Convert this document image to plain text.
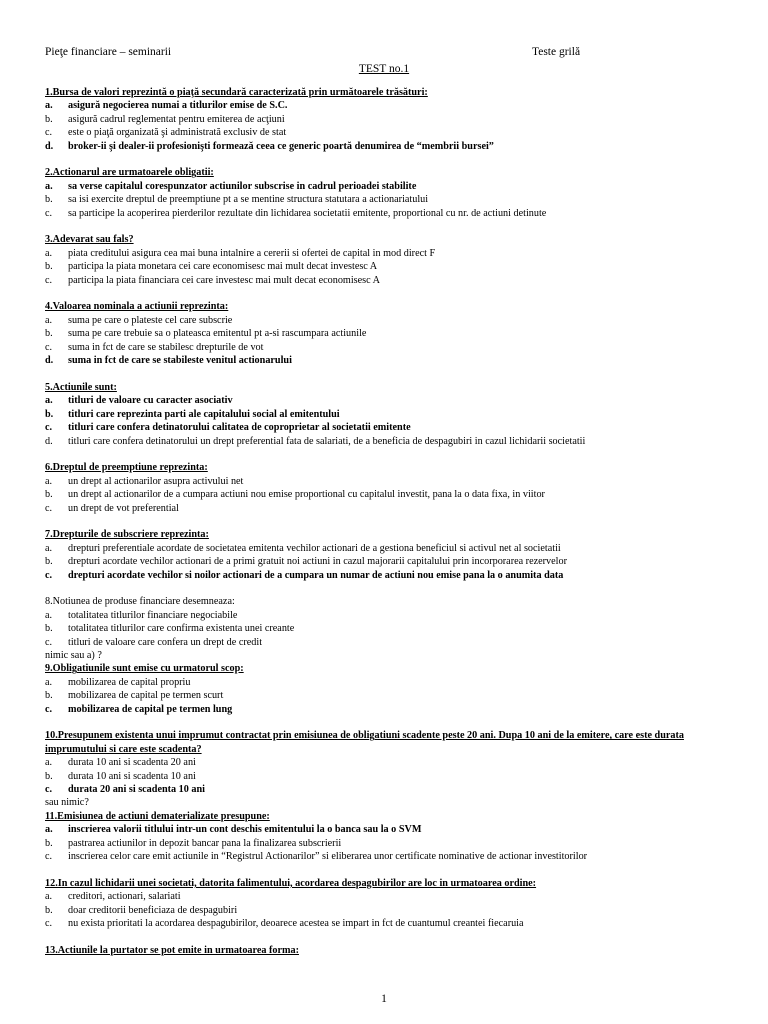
Pieţe financiare – seminarii	Teste grilă
TEST no.1
1.Bursa de valori reprezintă o piaţă secundară caracterizată prin următoarele trăsături:
a.	asigură negocierea numai a titlurilor emise de S.C.
b.	asigură cadrul reglementat pentru emiterea de acţiuni
c.	este o piaţă organizată şi administrată exclusiv de stat
d.	broker-ii şi dealer-ii profesionişti formează ceea ce generic poartă denumirea de “membrii bursei”
2.Actionarul are urmatoarele obligatii:
a.	sa verse capitalul corespunzator actiunilor subscrise in cadrul perioadei stabilite
b.	sa isi exercite dreptul de preemptiune pt a se mentine structura statutara a actionariatului
c.	sa participe la acoperirea pierderilor rezultate din lichidarea societatii emitente, proportional cu nr. de actiuni detinute
3.Adevarat sau fals?
a.	piata creditului asigura cea mai buna intalnire a cererii si ofertei de capital in mod direct F
b.	participa la piata monetara cei care economisesc mai mult decat investesc A
c.	participa la piata financiara cei care investesc mai mult decat economisesc A
4.Valoarea nominala a actiunii reprezinta:
a.	suma pe care o plateste cel care subscrie
b.	suma pe care trebuie sa o plateasca emitentul pt a-si rascumpara actiunile
c.	suma in fct de care se stabilesc drepturile de vot
d.	suma in fct de care se stabileste venitul actionarului
5.Actiunile sunt:
a.	titluri de valoare cu caracter asociativ
b.	titluri care reprezinta parti ale capitalului social al emitentului
c.	titluri care confera detinatorului calitatea de coproprietar al societatii emitente
d.	titluri care confera detinatorului un drept preferential fata de salariati, de a beneficia de despagubiri in cazul lichidarii societatii
6.Dreptul de preemptiune reprezinta:
a.	un drept al actionarilor asupra activului net
b.	un drept al actionarilor de a cumpara actiuni nou emise proportional cu capitalul investit, pana la o data fixa, in viitor
c.	un drept de vot preferential
7.Drepturile de subscriere reprezinta:
a.	drepturi preferentiale acordate de societatea emitenta vechilor actionari de a gestiona beneficiul si activul net al societatii
b.	drepturi acordate vechilor actionari de a primi gratuit noi actiuni in cazul majorarii capitalului prin incorporarea rezervelor
c.	drepturi acordate vechilor si noilor actionari de a cumpara un numar de actiuni nou emise pana la o anumita data
8.Notiunea de produse financiare desemneaza:
a.	totalitatea titlurilor financiare negociabile
b.	totalitatea titlurilor care confirma existenta unei creante
c.	titluri de valoare care confera un drept de credit
nimic sau a) ?
9.Obligatiunile sunt emise cu urmatorul scop:
a.	mobilizarea de capital propriu
b.	mobilizarea de capital pe termen scurt
c.	mobilizarea de capital pe termen lung
10.Presupunem existenta unui imprumut contractat prin emisiunea de obligatiuni scadente peste 20 ani. Dupa 10 ani de la emitere, care este durata imprumutului si care este scadenta?
a.	durata 10 ani si scadenta 20 ani
b.	durata 10 ani si scadenta 10 ani
c.	durata 20 ani si scadenta 10 ani
sau nimic?
11.Emisiunea de actiuni dematerializate presupune:
a.	inscrierea valorii titlului intr-un cont deschis emitentului la o banca sau la o SVM
b.	pastrarea actiunilor in depozit bancar pana la finalizarea subscrierii
c.	inscrierea celor care emit actiunile in “Registrul Actionarilor” si eliberarea unor certificate nominative de actionar investitorilor
12.In cazul lichidarii unei societati, datorita falimentului, acordarea despagubirilor are loc in urmatoarea ordine:
a.	creditori, actionari, salariati
b.	doar creditorii beneficiaza de despagubiri
c.	nu exista prioritati la acordarea despagubirilor, deoarece acestea se impart in fct de cuantumul creantei fiecaruia
13.Actiunile la purtator se pot emite in urmatoarea forma:
1
